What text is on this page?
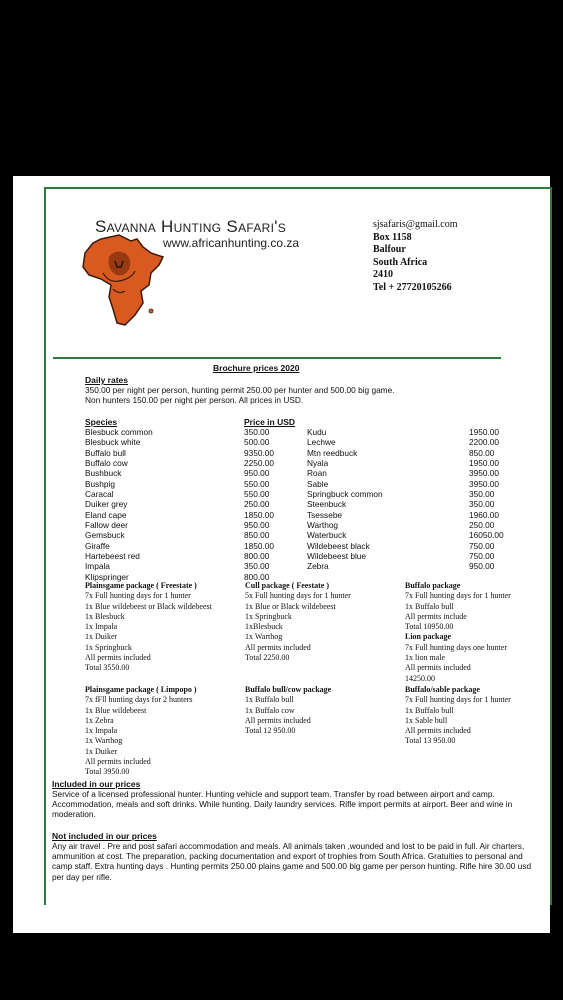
Savanna Hunting Safari's
www.africanhunting.co.za
sjsafaris@gmail.com
Box 1158
Balfour
South Africa
2410
Tel + 27720105266
Brochure prices 2020
Daily rates
350.00 per night per person, hunting permit 250.00 per hunter and 500.00 big game.
Non hunters 150.00 per night per person. All prices in USD.
Species	Price in USD
Blesbuck common
Blesbuck white
Buffalo bull
Buffalo cow
Bushbuck
Bushpig
Caracal
Duiker grey
Eland cape
Fallow deer
Gemsbuck
Giraffe
Hartebeest red
Impala
Klipspringer
350.00
500.00
9350.00
2250.00
950.00
550.00
550.00
250.00
1850.00
950.00
850.00
1850.00
800.00
350.00
800.00
Kudu
Lechwe
Mtn reedbuck
Nyala
Roan
Sable
Springbuck common
Steenbuck
Tsessebe
Warthog
Waterbuck
Wildebeest black
Wildebeest blue
Zebra
1950.00
2200.00
850.00
1950.00
3950.00
3950.00
350.00
350.00
1960.00
250.00
16050.00
750.00
750.00
950.00
Plainsgame package ( Freestate )
7x Full hunting days for 1 hunter
1x Blue wildebeest or Black wildebeest
1x Blesbuck
1x Impala
1x Duiker
1x Springbuck
All permits included
Total 3550.00
Cull package ( Feestate )
5x Full hunting days for 1 hunter
1x Blue or Black wildebeest
1x Springbuck
1xBlesbuck
1x Warthog
All permits included
Total 2250.00
Buffalo package
7x Full hunting days for 1 hunter
1x Buffalo bull
All permits include
Total 10950.00
Lion package
7x Full hunting days one hunter
1x lion male
All permits included
14250.00
Plainsgame package ( Limpopo )
7x fFll hunting days for 2 hunters
1x Blue wildebeest
1x Zebra
1x Impala
1x Warthog
1x Duiker
All permits included
Total 3950.00
Buffalo bull/cow package
1x Buffalo bull
1x Buffalo cow
All permits included
Total 12 950.00
Buffalo/sable package
7x Full hunting days for 1 hunter
1x Buffalo bull
1x Sable bull
All permits included
Total 13 950.00
Included in our prices
Service of a licensed professional hunter. Hunting vehicle and support team. Transfer by road between airport and camp. Accommodation, meals and soft drinks. While hunting. Daily laundry services. Rifle import permits at airport. Beer and wine in moderation.
Not included in our prices
Any air travel . Pre and post safari accommodation and meals. All animals taken ,wounded and lost to be paid in full. Air charters, ammunition at cost. The preparation, packing documentation and export of trophies from South Africa. Gratuities to personal and camp staff. Extra hunting days . Hunting permits 250.00 plains game and 500.00 big game per person hunting. Rifle hire 30.00 usd per day per rifle.
